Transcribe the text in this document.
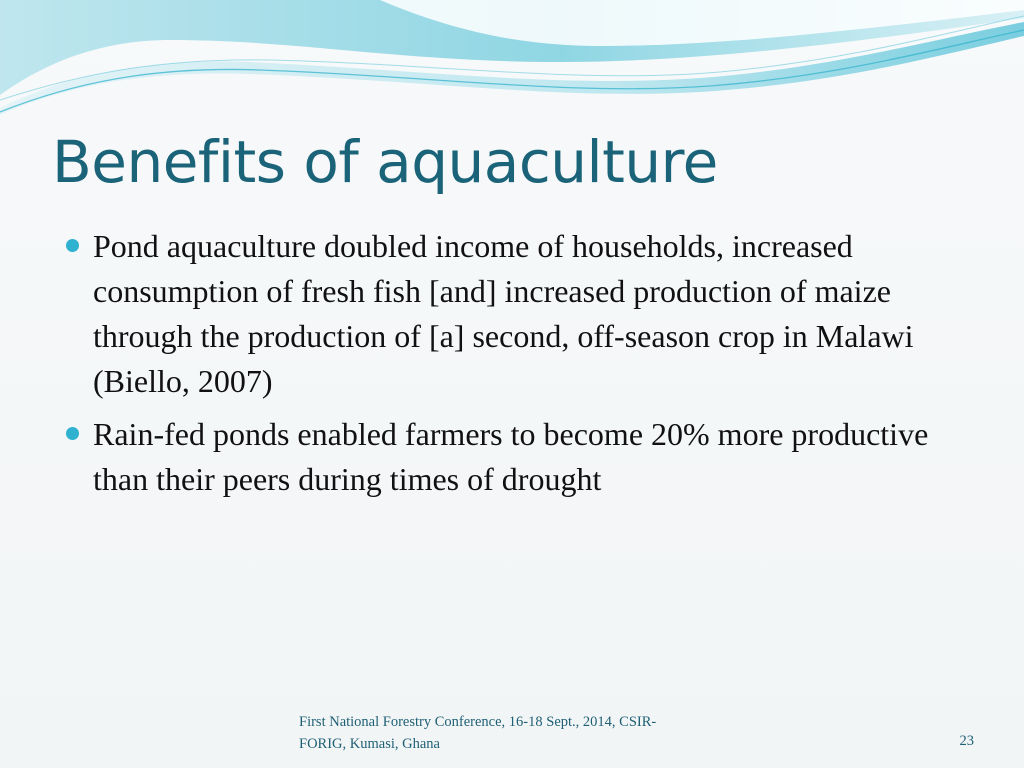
Benefits of aquaculture
Pond aquaculture doubled income of households, increased consumption of fresh fish [and] increased production of maize through the production of [a] second, off-season crop in Malawi (Biello, 2007)
Rain-fed ponds enabled farmers to become 20% more productive than their peers during times of drought
First National Forestry Conference, 16-18 Sept., 2014, CSIR-FORIG, Kumasi, Ghana	23
